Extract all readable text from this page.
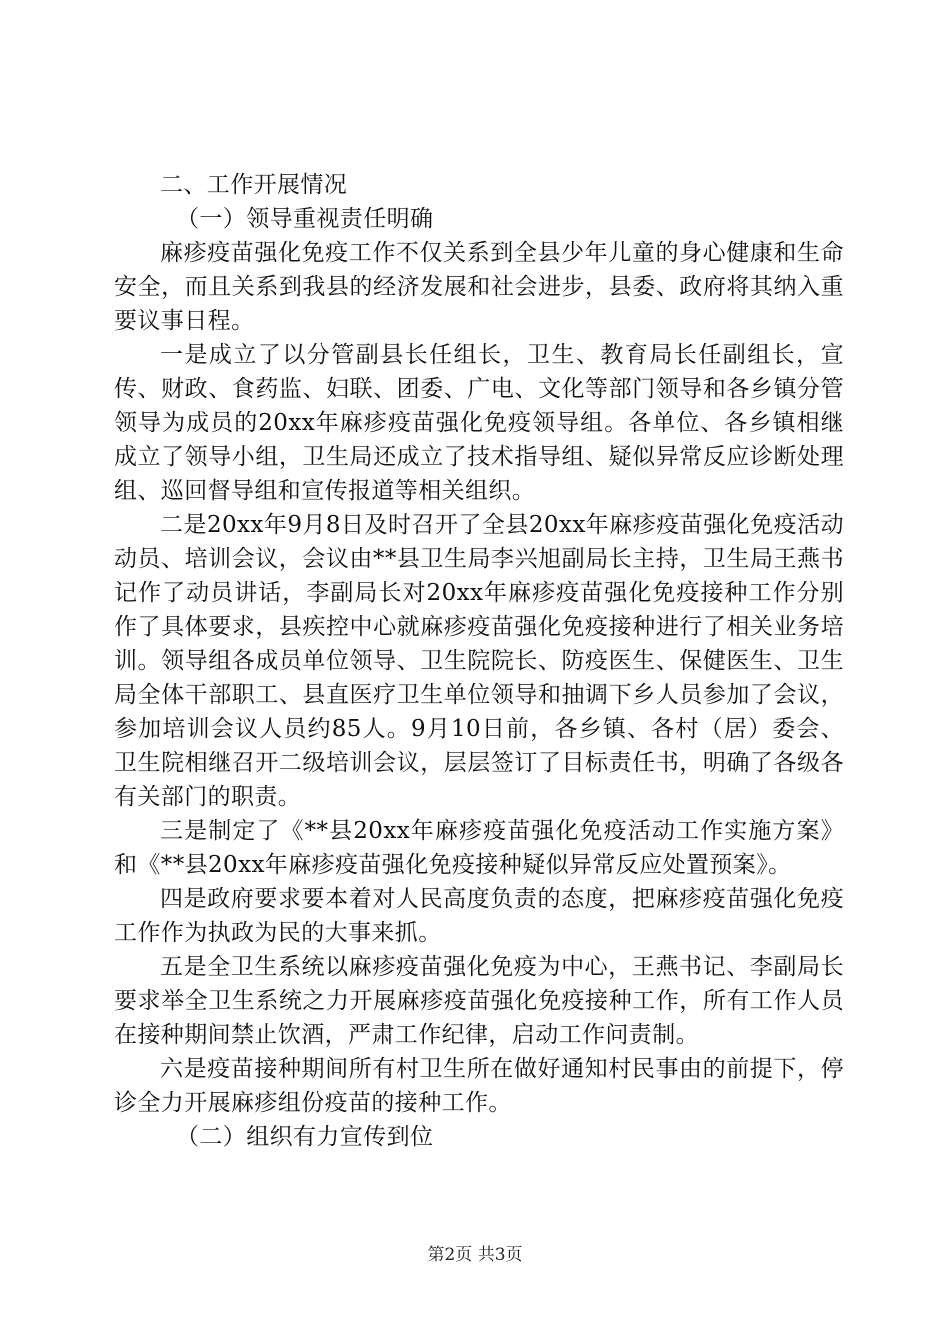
二、工作开展情况

（一）领导重视责任明确

麻疹疫苗强化免疫工作不仅关系到全县少年儿童的身心健康和生命安全，而且关系到我县的经济发展和社会进步，县委、政府将其纳入重要议事日程。

一是成立了以分管副县长任组长，卫生、教育局长任副组长，宣传、财政、食药监、妇联、团委、广电、文化等部门领导和各乡镇分管领导为成员的20xx年麻疹疫苗强化免疫领导组。各单位、各乡镇相继成立了领导小组，卫生局还成立了技术指导组、疑似异常反应诊断处理组、巡回督导组和宣传报道等相关组织。

二是20xx年9月8日及时召开了全县20xx年麻疹疫苗强化免疫活动动员、培训会议，会议由**县卫生局李兴旭副局长主持，卫生局王燕书记作了动员讲话，李副局长对20xx年麻疹疫苗强化免疫接种工作分别作了具体要求，县疾控中心就麻疹疫苗强化免疫接种进行了相关业务培训。领导组各成员单位领导、卫生院院长、防疫医生、保健医生、卫生局全体干部职工、县直医疗卫生单位领导和抽调下乡人员参加了会议，参加培训会议人员约85人。9月10日前，各乡镇、各村（居）委会、卫生院相继召开二级培训会议，层层签订了目标责任书，明确了各级各有关部门的职责。

三是制定了《**县20xx年麻疹疫苗强化免疫活动工作实施方案》和《**县20xx年麻疹疫苗强化免疫接种疑似异常反应处置预案》。

四是政府要求要本着对人民高度负责的态度，把麻疹疫苗强化免疫工作作为执政为民的大事来抓。

五是全卫生系统以麻疹疫苗强化免疫为中心，王燕书记、李副局长要求举全卫生系统之力开展麻疹疫苗强化免疫接种工作，所有工作人员在接种期间禁止饮酒，严肃工作纪律，启动工作问责制。

六是疫苗接种期间所有村卫生所在做好通知村民事由的前提下，停诊全力开展麻疹组份疫苗的接种工作。

（二）组织有力宣传到位

第2页 共3页
